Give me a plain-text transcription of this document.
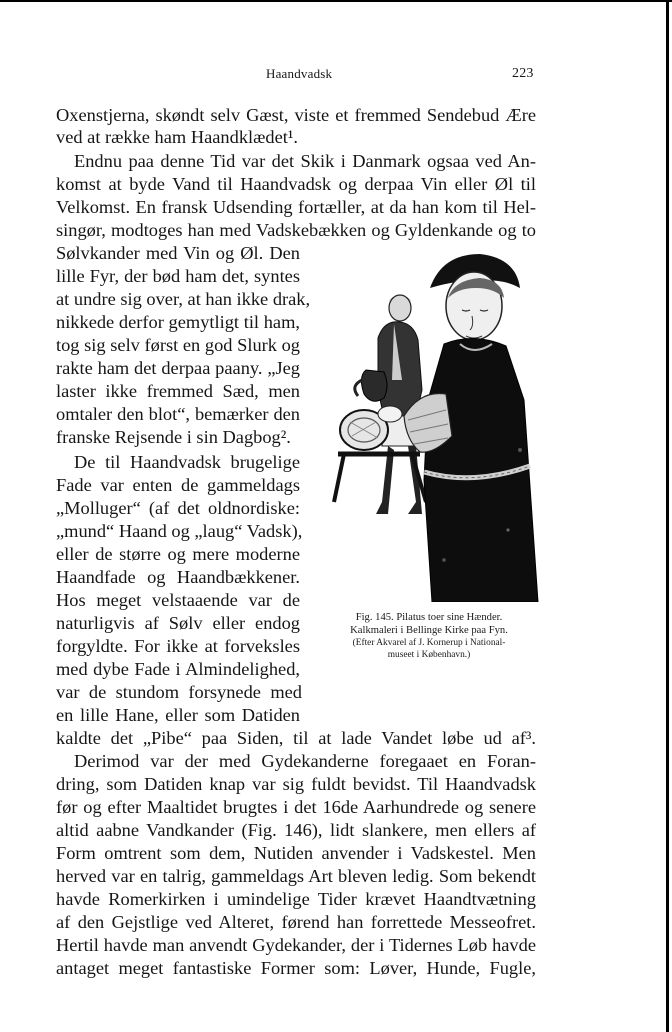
Haandvadsk	223
Oxenstjerna, skøndt selv Gæst, viste et fremmed Sendebud Ære
ved at række ham Haandklædet¹.
Endnu paa denne Tid var det Skik i Danmark ogsaa ved An-
komst at byde Vand til Haandvadsk og derpaa Vin eller Øl til
Velkomst. En fransk Udsending fortæller, at da han kom til Hel-
singør, modtoges han med Vadskebækken og Gyldenkande og to
Sølvkander med Vin og Øl. Den
lille Fyr, der bød ham det, syntes
at undre sig over, at han ikke drak,
nikkede derfor gemytligt til ham,
tog sig selv først en god Slurk og
rakte ham det derpaa paany. „Jeg
laster ikke fremmed Sæd, men
omtaler den blot“, bemærker den
franske Rejsende i sin Dagbog².
De til Haandvadsk brugelige
Fade var enten de gammeldags
„Molluger“ (af det oldnordiske:
„mund“ Haand og „laug“ Vadsk),
eller de større og mere moderne
Haandfade og Haandbækkener.
Hos meget velstaaende var de
naturligvis af Sølv eller endog
forgyldte. For ikke at forveksles
med dybe Fade i Almindelighed,
var de stundom forsynede med
en lille Hane, eller som Datiden
kaldte det „Pibe“ paa Siden, til at lade Vandet løbe ud af³.
Derimod var der med Gydekanderne foregaaet en Foran-
dring, som Datiden knap var sig fuldt bevidst. Til Haandvadsk
før og efter Maaltidet brugtes i det 16de Aarhundrede og senere
altid aabne Vandkander (Fig. 146), lidt slankere, men ellers af
Form omtrent som dem, Nutiden anvender i Vadskestel. Men
herved var en talrig, gammeldags Art bleven ledig. Som bekendt
havde Romerkirken i umindelige Tider krævet Haandtvætning
af den Gejstlige ved Alteret, førend han forrettede Messeofret.
Hertil havde man anvendt Gydekander, der i Tidernes Løb havde
antaget meget fantastiske Former som: Løver, Hunde, Fugle,
Fig. 145. Pilatus toer sine Hænder.
Kalkmaleri i Bellinge Kirke paa Fyn.
(Efter Akvarel af J. Kornerup i National-
museet i København.)
